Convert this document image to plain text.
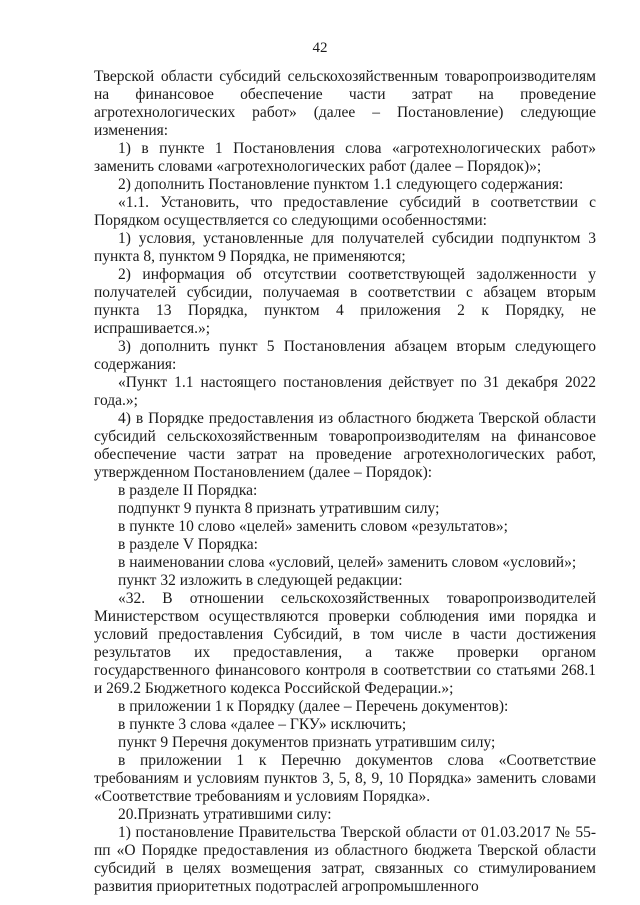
42

Тверской области субсидий сельскохозяйственным товаропроизводителям на финансовое обеспечение части затрат на проведение агротехнологических работ» (далее – Постановление) следующие изменения:

1) в пункте 1 Постановления слова «агротехнологических работ» заменить словами «агротехнологических работ (далее – Порядок)»;

2) дополнить Постановление пунктом 1.1 следующего содержания:

«1.1. Установить, что предоставление субсидий в соответствии с Порядком осуществляется со следующими особенностями:

1) условия, установленные для получателей субсидии подпунктом 3 пункта 8, пунктом 9 Порядка, не применяются;

2) информация об отсутствии соответствующей задолженности у получателей субсидии, получаемая в соответствии с абзацем вторым пункта 13 Порядка, пунктом 4 приложения 2 к Порядку, не испрашивается.»;

3) дополнить пункт 5 Постановления абзацем вторым следующего содержания:

«Пункт 1.1 настоящего постановления действует по 31 декабря 2022 года.»;

4) в Порядке предоставления из областного бюджета Тверской области субсидий сельскохозяйственным товаропроизводителям на финансовое обеспечение части затрат на проведение агротехнологических работ, утвержденном Постановлением (далее – Порядок):

в разделе II Порядка:

подпункт 9 пункта 8 признать утратившим силу;

в пункте 10 слово «целей» заменить словом «результатов»;

в разделе V Порядка:

в наименовании слова «условий, целей» заменить словом «условий»;

пункт 32 изложить в следующей редакции:

«32. В отношении сельскохозяйственных товаропроизводителей Министерством осуществляются проверки соблюдения ими порядка и условий предоставления Субсидий, в том числе в части достижения результатов их предоставления, а также проверки органом государственного финансового контроля в соответствии со статьями 268.1 и 269.2 Бюджетного кодекса Российской Федерации.»;

в приложении 1 к Порядку (далее – Перечень документов):

в пункте 3 слова «далее – ГКУ» исключить;

пункт 9 Перечня документов признать утратившим силу;

в приложении 1 к Перечню документов слова «Соответствие требованиям и условиям пунктов 3, 5, 8, 9, 10 Порядка» заменить словами «Соответствие требованиям и условиям Порядка».

20.Признать утратившими силу:

1) постановление Правительства Тверской области от 01.03.2017 № 55-пп «О Порядке предоставления из областного бюджета Тверской области субсидий в целях возмещения затрат, связанных со стимулированием развития приоритетных подотраслей агропромышленного
